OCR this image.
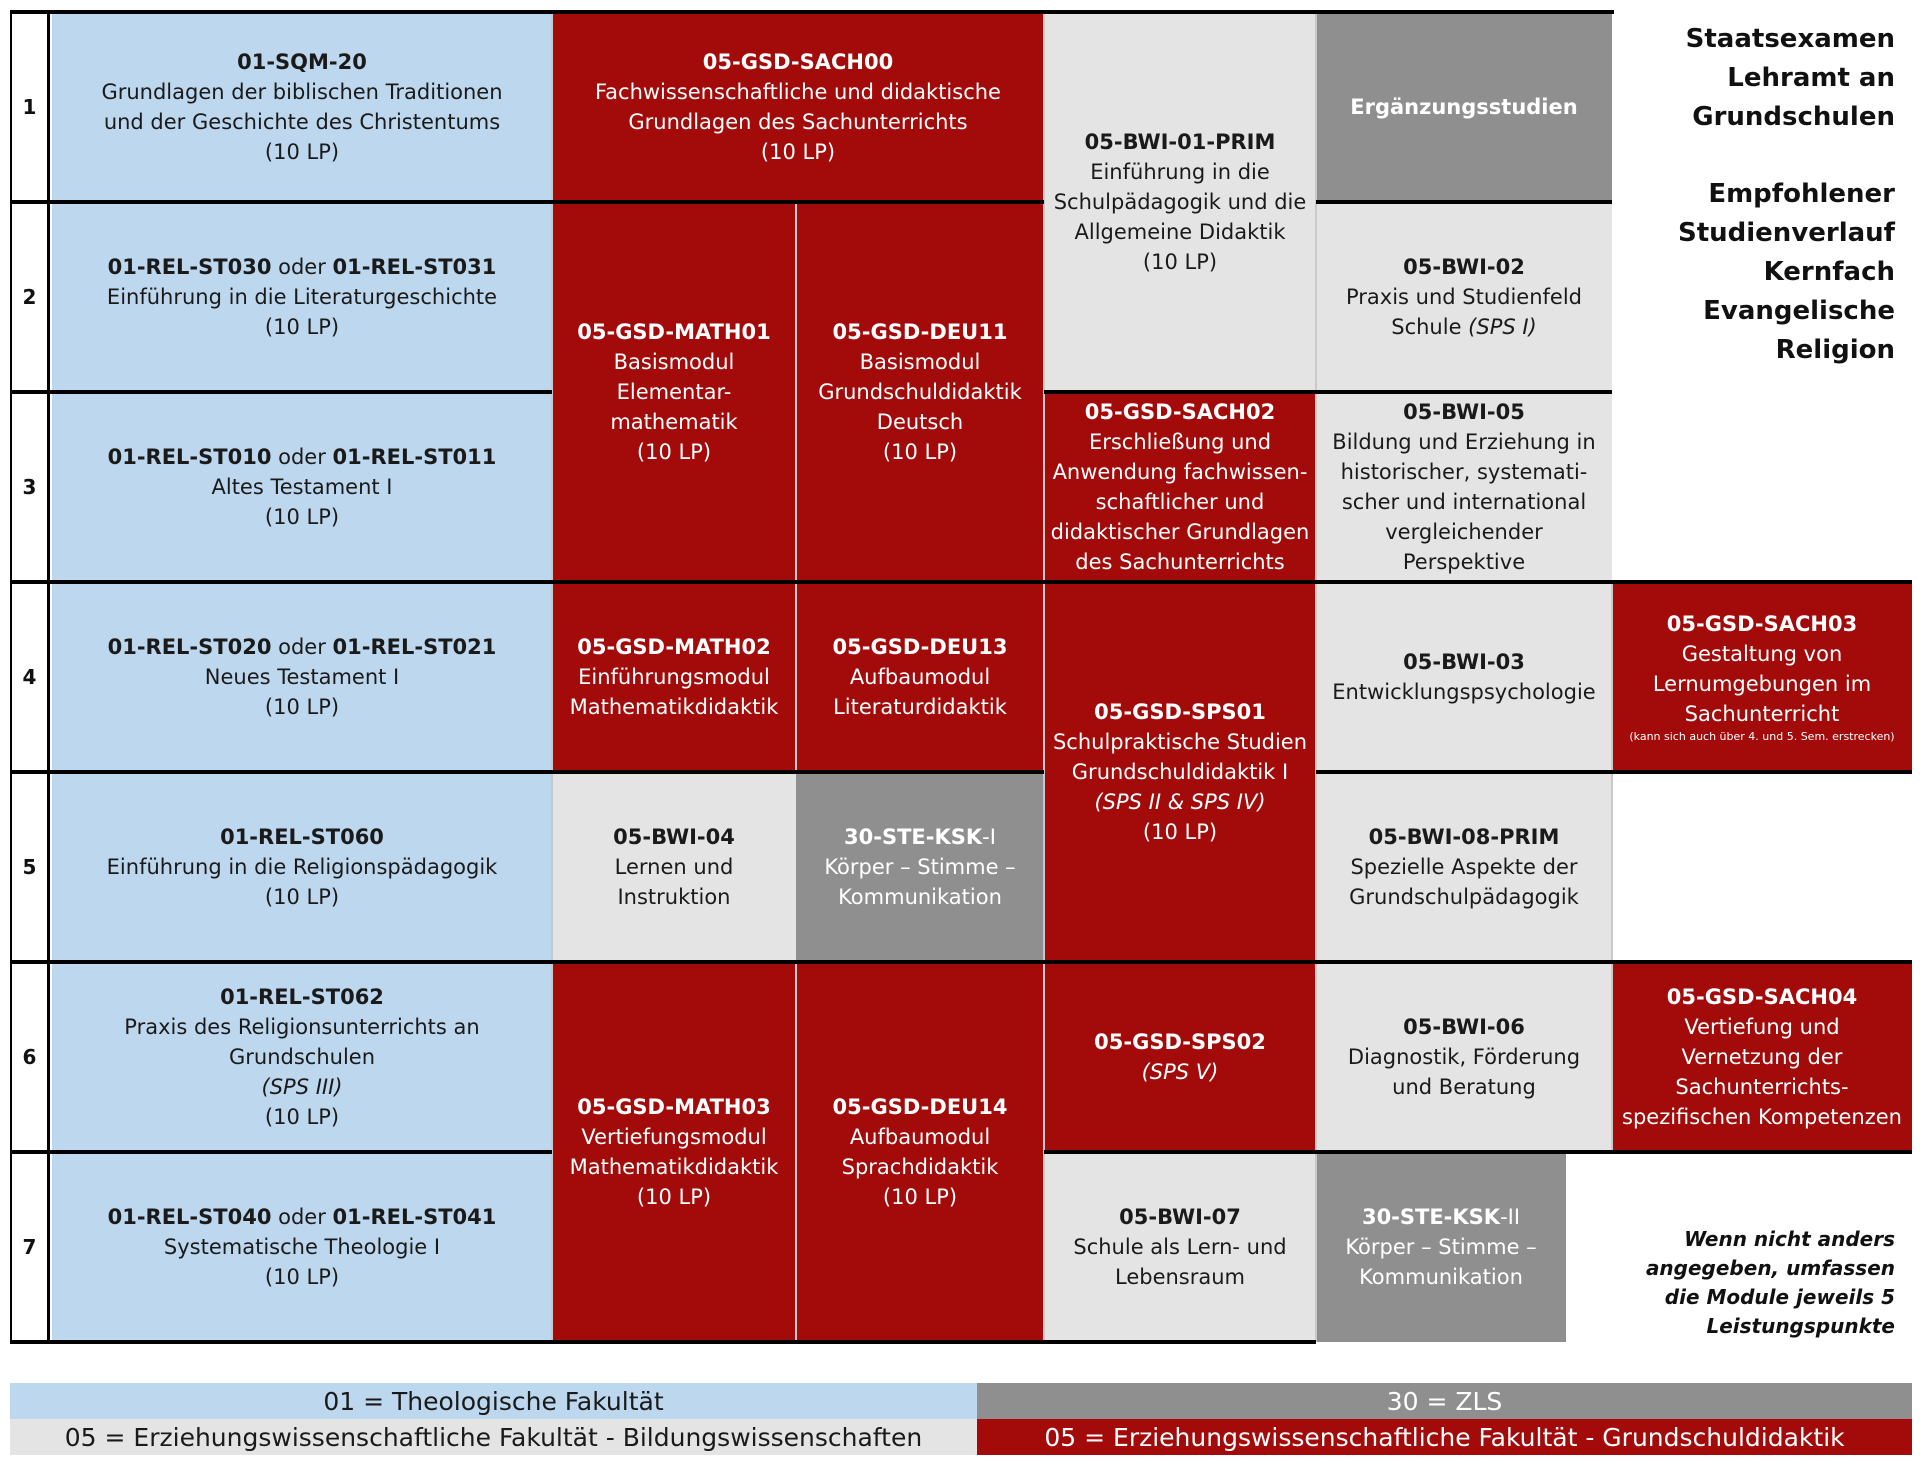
Staatsexamen
Lehramt an
Grundschulen
Empfohlener
Studienverlauf
Kernfach
Evangelische
Religion
Wenn nicht anders
angegeben, umfassen
die Module jeweils 5
Leistungspunkte
1
2
3
4
5
6
7
01-SQM-20
Grundlagen der biblischen Traditionen
und der Geschichte des Christentums
(10 LP)
01-REL-ST030 oder 01-REL-ST031
Einführung in die Literaturgeschichte
(10 LP)
01-REL-ST010 oder 01-REL-ST011
Altes Testament I
(10 LP)
01-REL-ST020 oder 01-REL-ST021
Neues Testament I
(10 LP)
01-REL-ST060
Einführung in die Religionspädagogik
(10 LP)
01-REL-ST062
Praxis des Religionsunterrichts an
Grundschulen
(SPS III)
(10 LP)
01-REL-ST040 oder 01-REL-ST041
Systematische Theologie I
(10 LP)
05-GSD-SACH00
Fachwissenschaftliche und didaktische
Grundlagen des Sachunterrichts
(10 LP)
05-GSD-MATH01
Basismodul
Elementar-
mathematik
(10 LP)
05-GSD-DEU11
Basismodul
Grundschuldidaktik
Deutsch
(10 LP)
05-GSD-MATH02
Einführungsmodul
Mathematikdidaktik
05-GSD-DEU13
Aufbaumodul
Literaturdidaktik
05-BWI-04
Lernen und
Instruktion
30-STE-KSK-I
Körper – Stimme –
Kommunikation
05-GSD-MATH03
Vertiefungsmodul
Mathematikdidaktik
(10 LP)
05-GSD-DEU14
Aufbaumodul
Sprachdidaktik
(10 LP)
05-BWI-01-PRIM
Einführung in die
Schulpädagogik und die
Allgemeine Didaktik
(10 LP)
05-GSD-SACH02
Erschließung und
Anwendung fachwissen-
schaftlicher und
didaktischer Grundlagen
des Sachunterrichts
05-GSD-SPS01
Schulpraktische Studien
Grundschuldidaktik I
(SPS II & SPS IV)
(10 LP)
05-GSD-SPS02
(SPS V)
05-BWI-07
Schule als Lern- und
Lebensraum
Ergänzungsstudien
05-BWI-02
Praxis und Studienfeld
Schule (SPS I)
05-BWI-05
Bildung und Erziehung in
historischer, systemati-
scher und international
vergleichender
Perspektive
05-BWI-03
Entwicklungspsychologie
05-BWI-08-PRIM
Spezielle Aspekte der
Grundschulpädagogik
05-BWI-06
Diagnostik, Förderung
und Beratung
30-STE-KSK-II
Körper – Stimme –
Kommunikation
05-GSD-SACH03
Gestaltung von
Lernumgebungen im
Sachunterricht
(kann sich auch über 4. und 5. Sem. erstrecken)
05-GSD-SACH04
Vertiefung und
Vernetzung der
Sachunterrichts-
spezifischen Kompetenzen
01 = Theologische Fakultät	30 = ZLS
05 = Erziehungswissenschaftliche Fakultät - Bildungswissenschaften	05 = Erziehungswissenschaftliche Fakultät - Grundschuldidaktik
